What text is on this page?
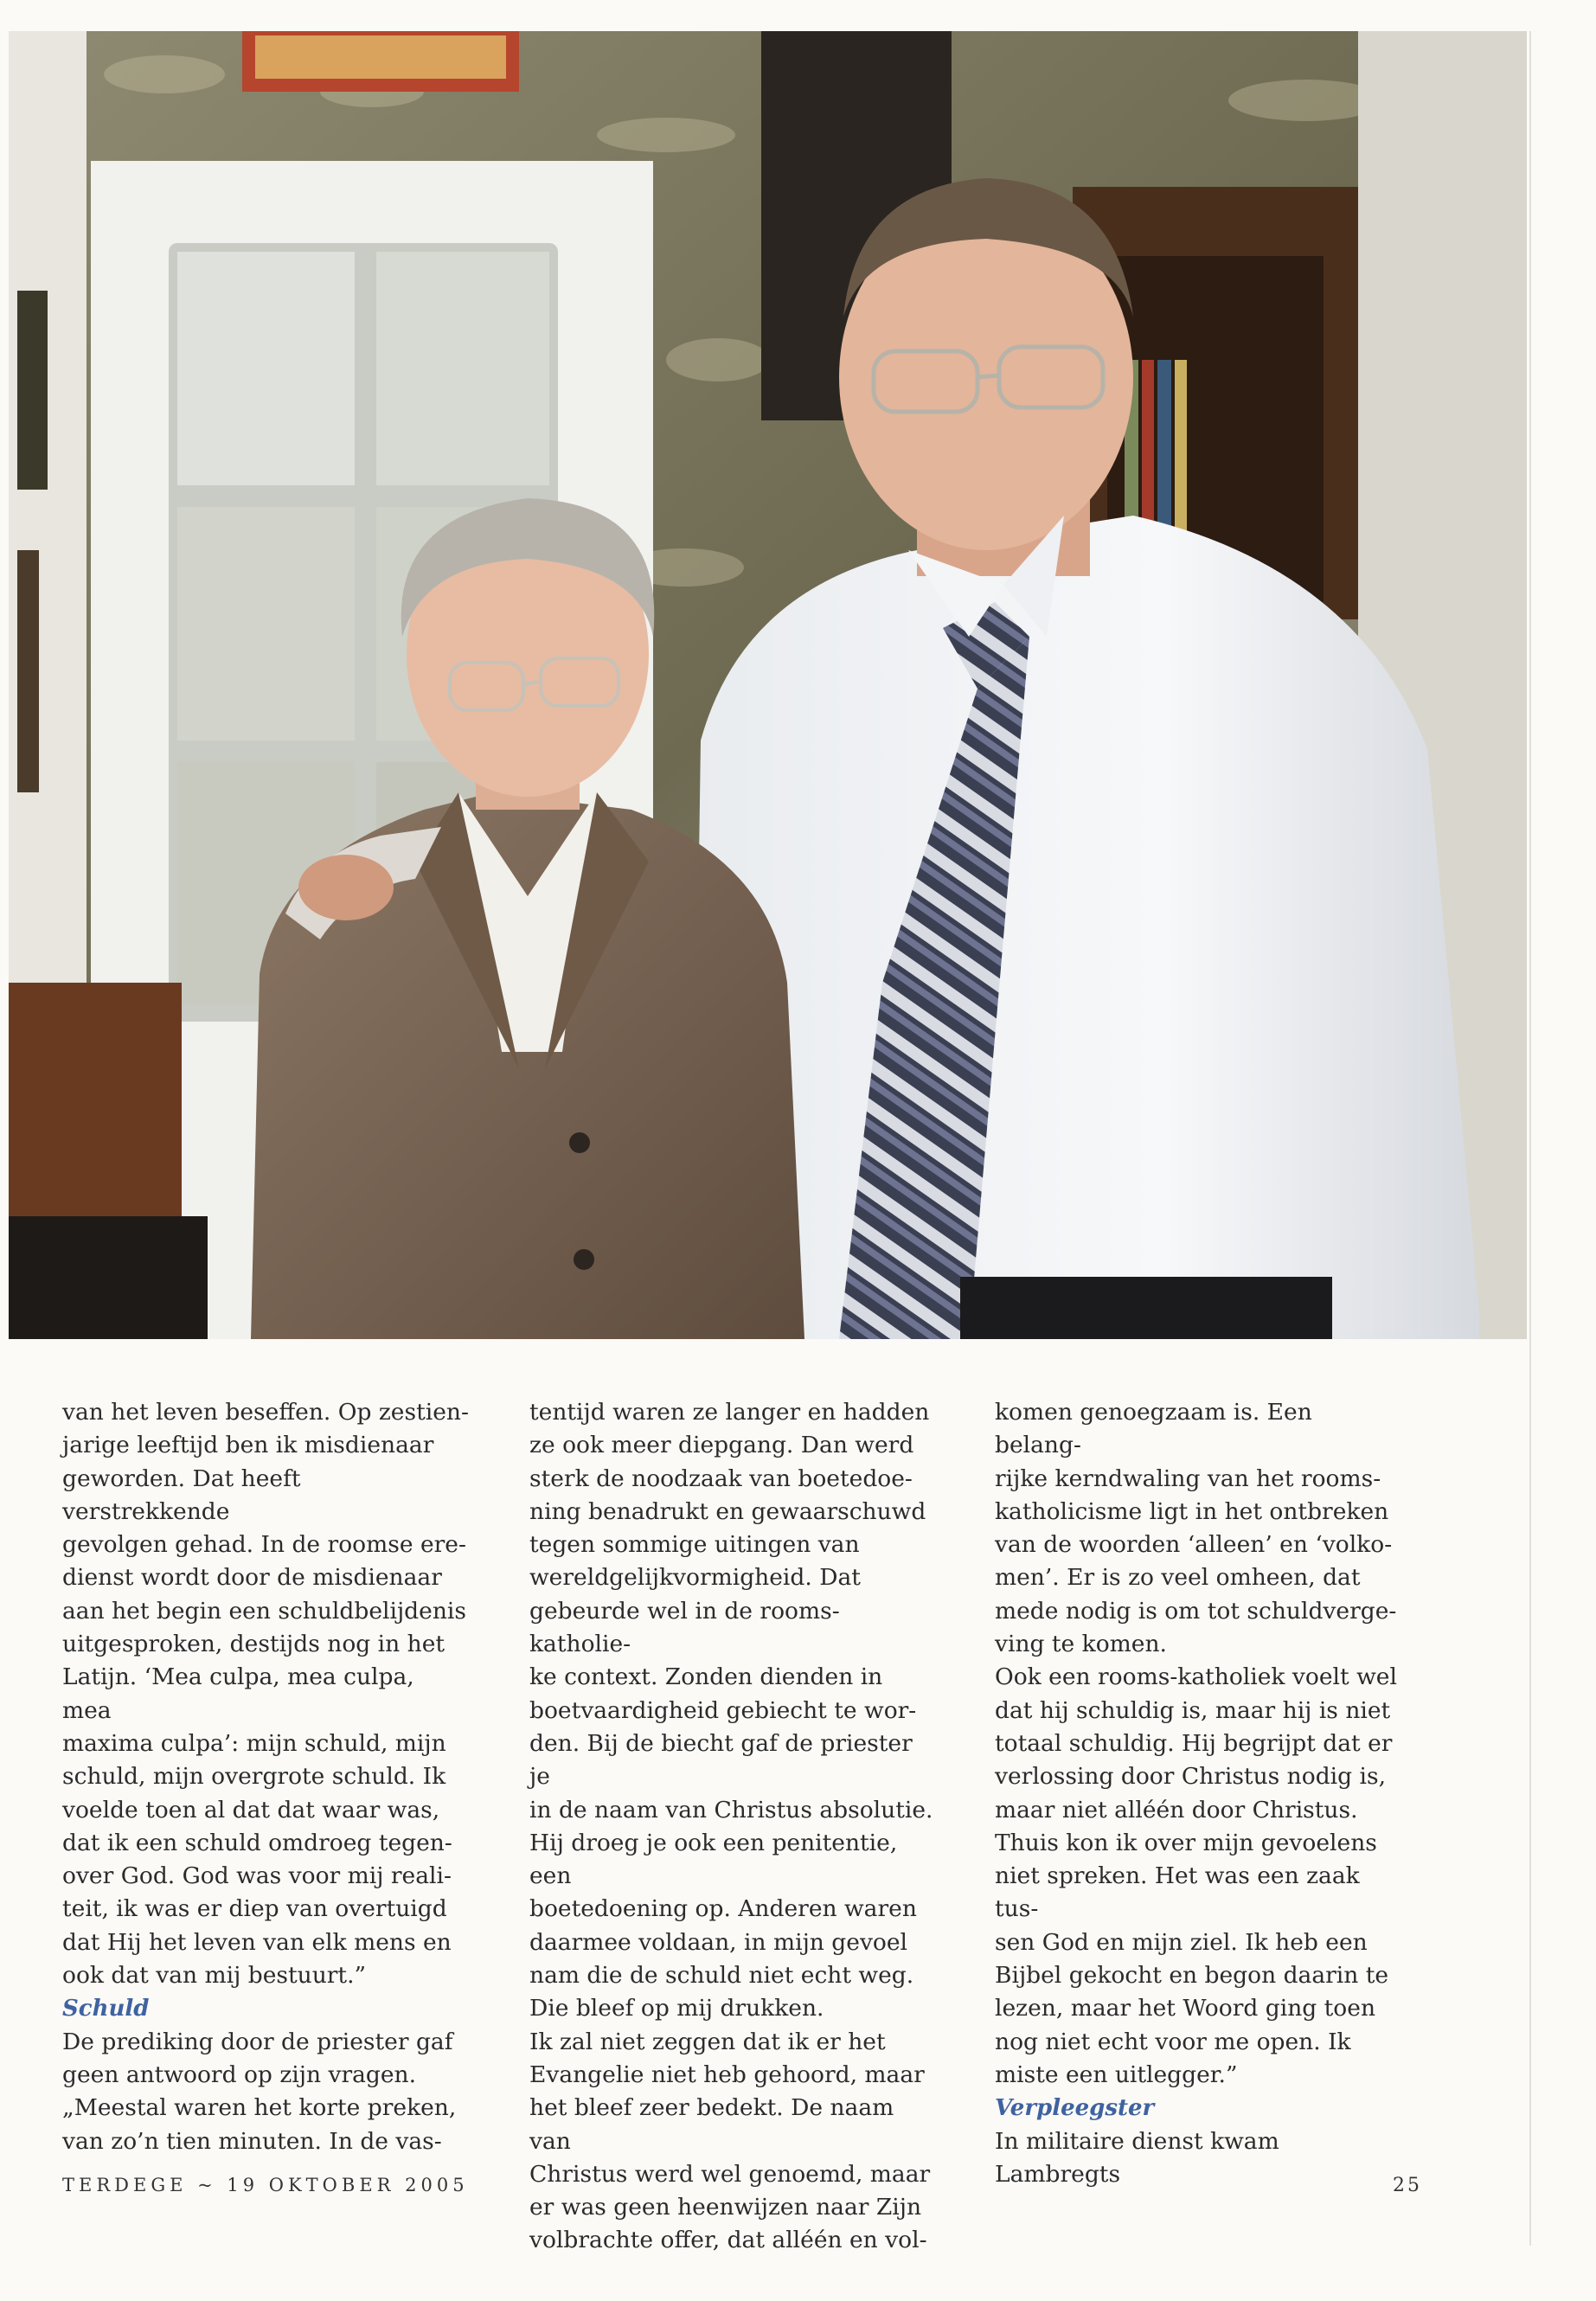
van het leven beseffen. Op zestien-
jarige leeftijd ben ik misdienaar
geworden. Dat heeft verstrekkende
gevolgen gehad. In de roomse ere-
dienst wordt door de misdienaar
aan het begin een schuldbelijdenis
uitgesproken, destijds nog in het
Latijn. ‘Mea culpa, mea culpa, mea
maxima culpa’: mijn schuld, mijn
schuld, mijn overgrote schuld. Ik
voelde toen al dat dat waar was,
dat ik een schuld omdroeg tegen-
over God. God was voor mij reali-
teit, ik was er diep van overtuigd
dat Hij het leven van elk mens en
ook dat van mij bestuurt.”

Schuld

De prediking door de priester gaf
geen antwoord op zijn vragen.
„Meestal waren het korte preken,
van zo’n tien minuten. In de vas-

tentijd waren ze langer en hadden
ze ook meer diepgang. Dan werd
sterk de noodzaak van boetedoe-
ning benadrukt en gewaarschuwd
tegen sommige uitingen van
wereldgelijkvormigheid. Dat
gebeurde wel in de rooms-katholie-
ke context. Zonden dienden in
boetvaardigheid gebiecht te wor-
den. Bij de biecht gaf de priester je
in de naam van Christus absolutie.
Hij droeg je ook een penitentie, een
boetedoening op. Anderen waren
daarmee voldaan, in mijn gevoel
nam die de schuld niet echt weg.
Die bleef op mij drukken.

Ik zal niet zeggen dat ik er het
Evangelie niet heb gehoord, maar
het bleef zeer bedekt. De naam van
Christus werd wel genoemd, maar
er was geen heenwijzen naar Zijn
volbrachte offer, dat alléén en vol-

komen genoegzaam is. Een belang-
rijke kerndwaling van het rooms-
katholicisme ligt in het ontbreken
van de woorden ‘alleen’ en ‘volko-
men’. Er is zo veel omheen, dat
mede nodig is om tot schuldverge-
ving te komen.

Ook een rooms-katholiek voelt wel
dat hij schuldig is, maar hij is niet
totaal schuldig. Hij begrijpt dat er
verlossing door Christus nodig is,
maar niet alléén door Christus.
Thuis kon ik over mijn gevoelens
niet spreken. Het was een zaak tus-
sen God en mijn ziel. Ik heb een
Bijbel gekocht en begon daarin te
lezen, maar het Woord ging toen
nog niet echt voor me open. Ik
miste een uitlegger.”

Verpleegster

In militaire dienst kwam Lambregts

TERDEGE ~ 19 OKTOBER 2005	25
